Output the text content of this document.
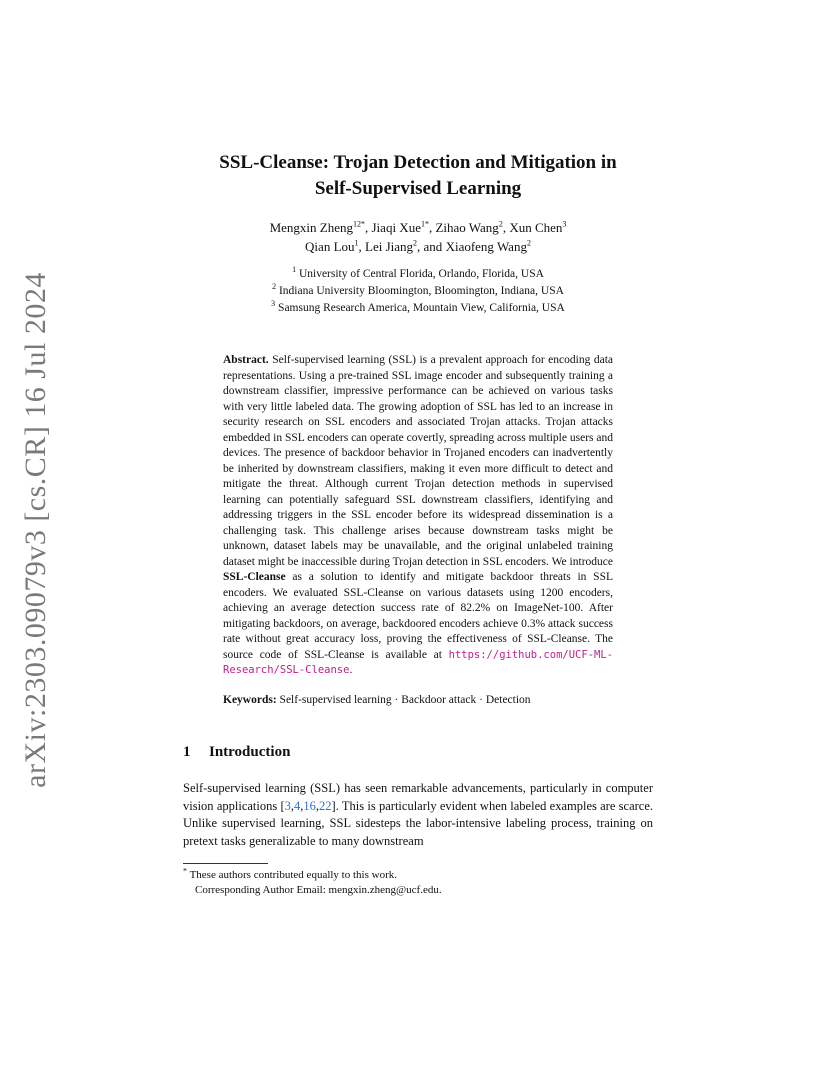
arXiv:2303.09079v3 [cs.CR] 16 Jul 2024
SSL-Cleanse: Trojan Detection and Mitigation in
Self-Supervised Learning
Mengxin Zheng$^{12*}$, Jiaqi Xue$^{1*}$, Zihao Wang$^2$, Xun Chen$^3$
Qian Lou$^1$, Lei Jiang$^2$, and Xiaofeng Wang$^2$
$^1$ University of Central Florida, Orlando, Florida, USA
$^2$ Indiana University Bloomington, Bloomington, Indiana, USA
$^3$ Samsung Research America, Mountain View, California, USA

Abstract. Self-supervised learning (SSL) is a prevalent approach for encoding data representations. Using a pre-trained SSL image encoder and subsequently training a downstream classifier, impressive performance can be achieved on various tasks with very little labeled data. The growing adoption of SSL has led to an increase in security research on SSL encoders and associated Trojan attacks. Trojan attacks embedded in SSL encoders can operate covertly, spreading across multiple users and devices. The presence of backdoor behavior in Trojaned encoders can inadvertently be inherited by downstream classifiers, making it even more difficult to detect and mitigate the threat. Although current Trojan detection methods in supervised learning can potentially safeguard SSL downstream classifiers, identifying and addressing triggers in the SSL encoder before its widespread dissemination is a challenging task. This challenge arises because downstream tasks might be unknown, dataset labels may be unavailable, and the original unlabeled training dataset might be inaccessible during Trojan detection in SSL encoders. We introduce SSL-Cleanse as a solution to identify and mitigate backdoor threats in SSL encoders. We evaluated SSL-Cleanse on various datasets using 1200 encoders, achieving an average detection success rate of 82.2% on ImageNet-100. After mitigating backdoors, on average, backdoored encoders achieve 0.3% attack success rate without great accuracy loss, proving the effectiveness of SSL-Cleanse. The source code of SSL-Cleanse is available at https://github.com/UCF-ML-Research/SSL-Cleanse.

Keywords: Self-supervised learning · Backdoor attack · Detection

1 Introduction

Self-supervised learning (SSL) has seen remarkable advancements, particularly in computer vision applications [3,4,16,22]. This is particularly evident when labeled examples are scarce. Unlike supervised learning, SSL sidesteps the labor-intensive labeling process, training on pretext tasks generalizable to many downstream

* These authors contributed equally to this work.
Corresponding Author Email: mengxin.zheng@ucf.edu.
